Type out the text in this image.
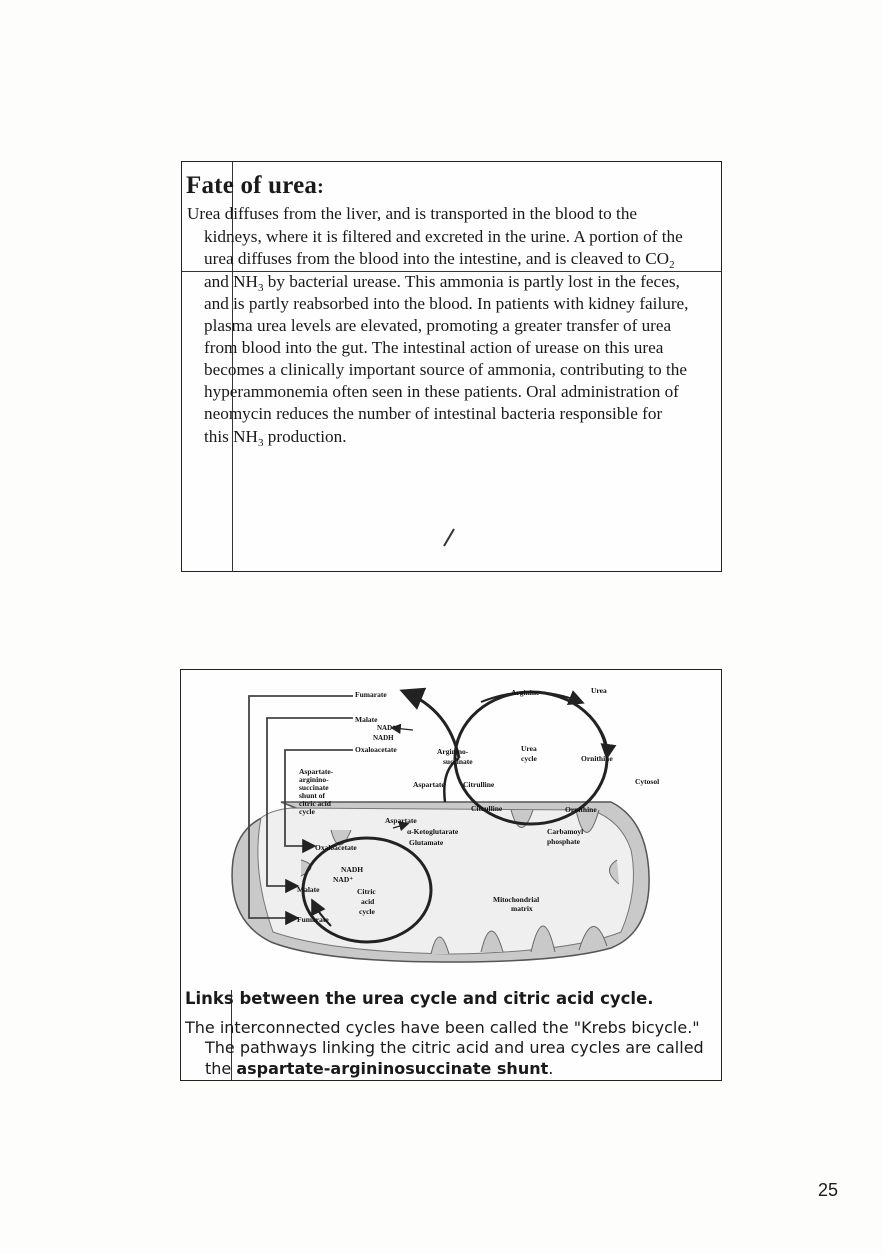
Fate of urea:
Urea diffuses from the liver, and is transported in the blood to the
kidneys, where it is filtered and excreted in the urine. A portion of the
urea diffuses from the blood into the intestine, and is cleaved to $CO_2$
and $NH_3$ by bacterial urease. This ammonia is partly lost in the feces,
and is partly reabsorbed into the blood. In patients with kidney failure,
plasma urea levels are elevated, promoting a greater transfer of urea
from blood into the gut. The intestinal action of urease on this urea
becomes a clinically important source of ammonia, contributing to the
hyperammonemia often seen in these patients. Oral administration of
neomycin reduces the number of intestinal bacteria responsible for
this $NH_3$ production.
Fumarate	Arginine	Urea
Malate
NAD⁺
NADH
Oxaloacetate	Arginino-
succinate
Urea
cycle	Ornithine
Cytosol
Aspartate-
arginino-
succinate
shunt of
citric acid
cycle
Aspartate Citrulline
Citrulline	Ornithine
Aspartate
α-Ketoglutarate
Glutamate
Carbamoyl
phosphate
Oxaloacetate
NADH
NAD⁺
Malate	Citric
acid
cycle
Fumarate
Mitochondrial
matrix
Links between the urea cycle and citric acid cycle.
The interconnected cycles have been called the "Krebs bicycle."
The pathways linking the citric acid and urea cycles are called
the aspartate-argininosuccinate shunt.
25
